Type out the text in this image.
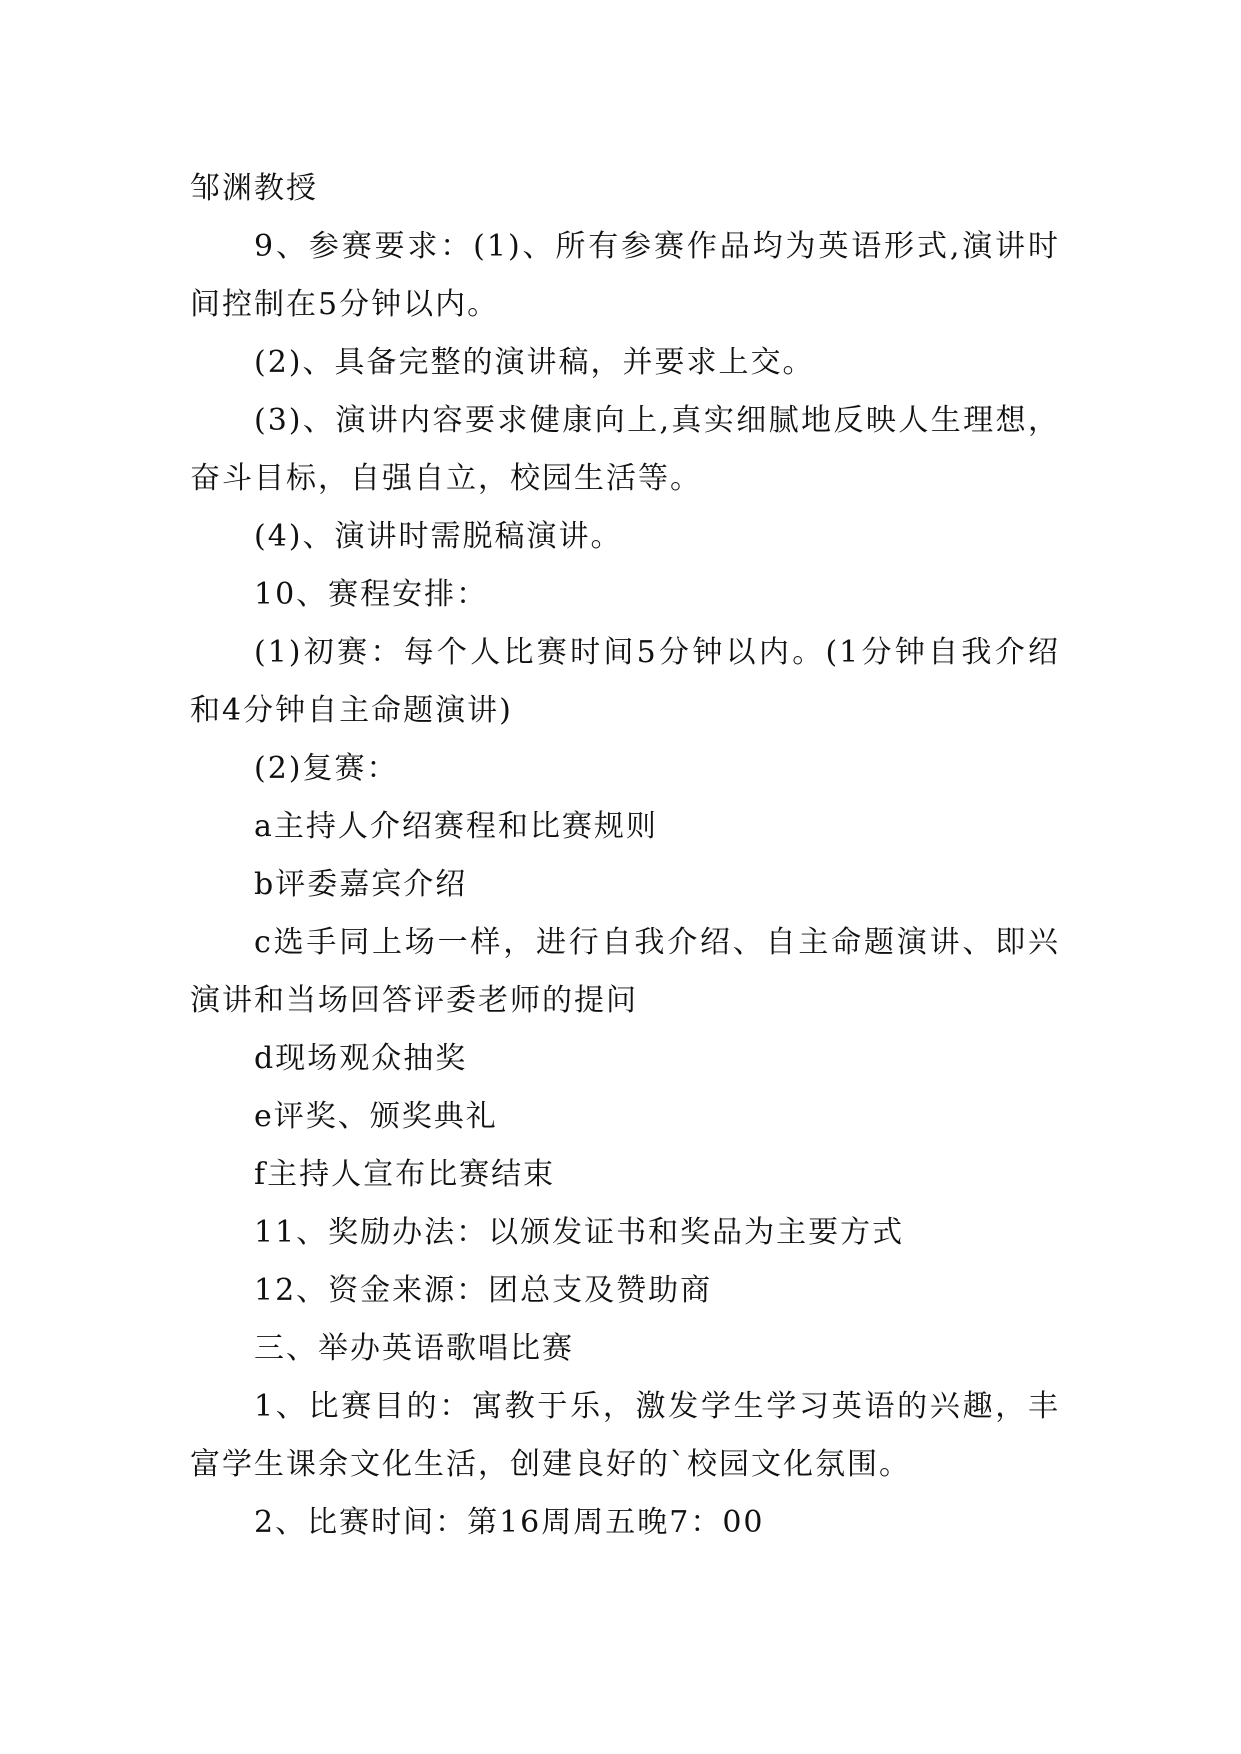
邹渊教授

9、参赛要求：(1)、所有参赛作品均为英语形式,演讲时间控制在5分钟以内。

(2)、具备完整的演讲稿，并要求上交。

(3)、演讲内容要求健康向上,真实细腻地反映人生理想，奋斗目标，自强自立，校园生活等。

(4)、演讲时需脱稿演讲。

10、赛程安排：

(1)初赛：每个人比赛时间5分钟以内。(1分钟自我介绍和4分钟自主命题演讲)

(2)复赛：

a主持人介绍赛程和比赛规则

b评委嘉宾介绍

c选手同上场一样，进行自我介绍、自主命题演讲、即兴演讲和当场回答评委老师的提问

d现场观众抽奖

e评奖、颁奖典礼

f主持人宣布比赛结束

11、奖励办法：以颁发证书和奖品为主要方式

12、资金来源：团总支及赞助商

三、举办英语歌唱比赛

1、比赛目的：寓教于乐，激发学生学习英语的兴趣，丰富学生课余文化生活，创建良好的`校园文化氛围。

2、比赛时间：第16周周五晚7：00
